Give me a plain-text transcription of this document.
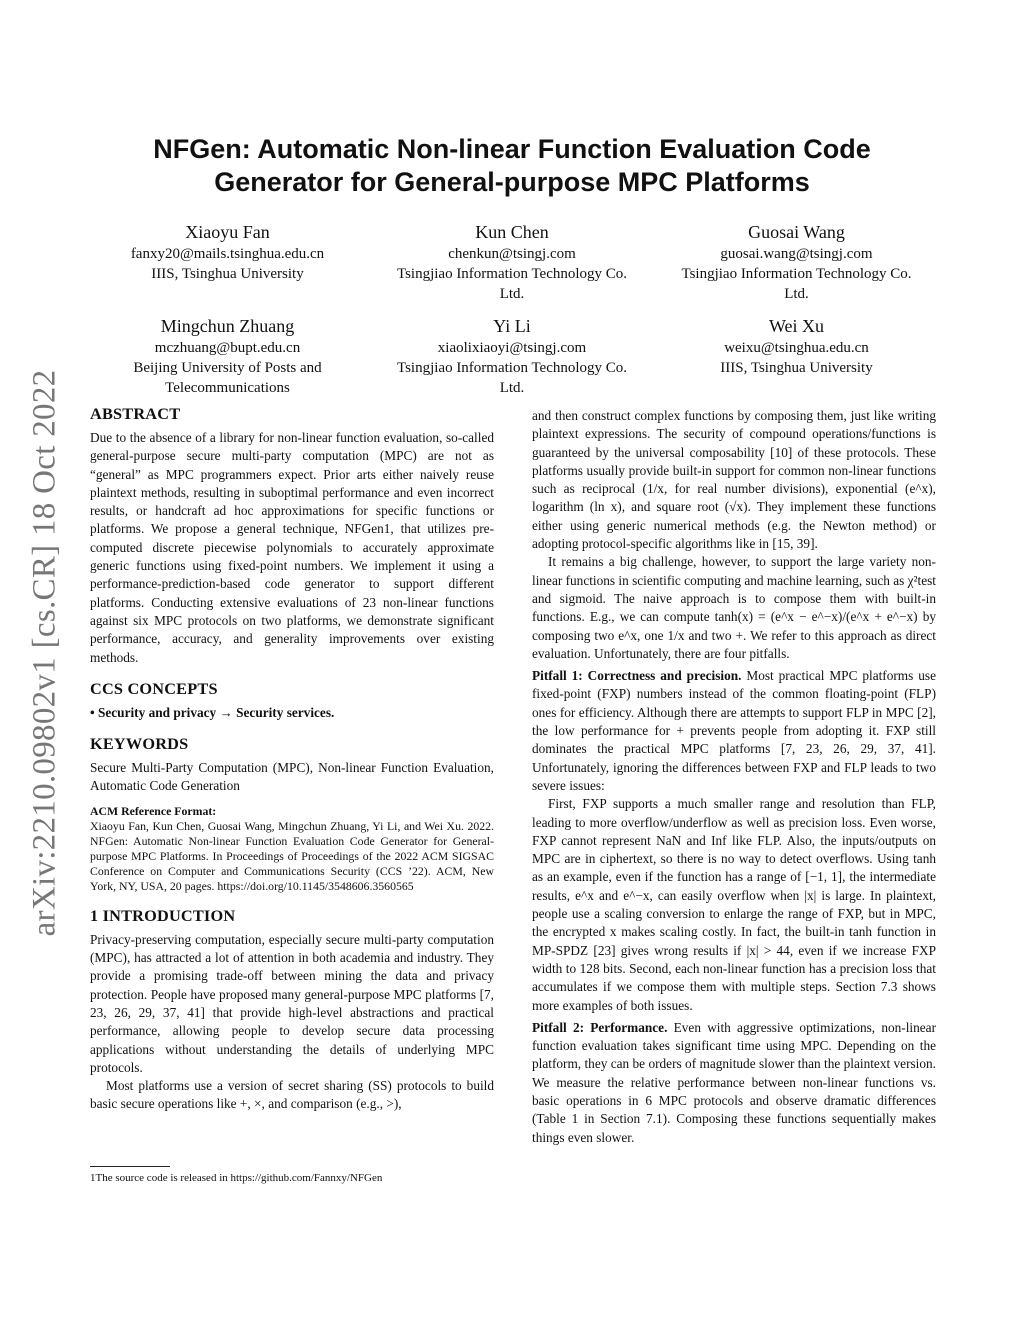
arXiv:2210.09802v1 [cs.CR] 18 Oct 2022
NFGen: Automatic Non-linear Function Evaluation Code
Generator for General-purpose MPC Platforms
Xiaoyu Fan
fanxy20@mails.tsinghua.edu.cn
IIIS, Tsinghua University
Kun Chen
chenkun@tsingj.com
Tsingjiao Information Technology Co.
Ltd.
Guosai Wang
guosai.wang@tsingj.com
Tsingjiao Information Technology Co.
Ltd.
Mingchun Zhuang
mczhuang@bupt.edu.cn
Beijing University of Posts and
Telecommunications
Yi Li
xiaolixiaoyi@tsingj.com
Tsingjiao Information Technology Co.
Ltd.
Wei Xu
weixu@tsinghua.edu.cn
IIIS, Tsinghua University
ABSTRACT

Due to the absence of a library for non-linear function evaluation, so-called general-purpose secure multi-party computation (MPC) are not as “general” as MPC programmers expect. Prior arts either naively reuse plaintext methods, resulting in suboptimal performance and even incorrect results, or handcraft ad hoc approximations for specific functions or platforms. We propose a general technique, NFGen1, that utilizes pre-computed discrete piecewise polynomials to accurately approximate generic functions using fixed-point numbers. We implement it using a performance-prediction-based code generator to support different platforms. Conducting extensive evaluations of 23 non-linear functions against six MPC protocols on two platforms, we demonstrate significant performance, accuracy, and generality improvements over existing methods.

CCS CONCEPTS

• Security and privacy → Security services.

KEYWORDS

Secure Multi-Party Computation (MPC), Non-linear Function Evaluation, Automatic Code Generation

ACM Reference Format:

Xiaoyu Fan, Kun Chen, Guosai Wang, Mingchun Zhuang, Yi Li, and Wei Xu. 2022. NFGen: Automatic Non-linear Function Evaluation Code Generator for General-purpose MPC Platforms. In Proceedings of Proceedings of the 2022 ACM SIGSAC Conference on Computer and Communications Security (CCS ’22). ACM, New York, NY, USA, 20 pages. https://doi.org/10.1145/3548606.3560565

1 INTRODUCTION

Privacy-preserving computation, especially secure multi-party computation (MPC), has attracted a lot of attention in both academia and industry. They provide a promising trade-off between mining the data and privacy protection. People have proposed many general-purpose MPC platforms [7, 23, 26, 29, 37, 41] that provide high-level abstractions and practical performance, allowing people to develop secure data processing applications without understanding the details of underlying MPC protocols.

Most platforms use a version of secret sharing (SS) protocols to build basic secure operations like +, ×, and comparison (e.g., >),

1The source code is released in https://github.com/Fannxy/NFGen

and then construct complex functions by composing them, just like writing plaintext expressions. The security of compound operations/functions is guaranteed by the universal composability [10] of these protocols. These platforms usually provide built-in support for common non-linear functions such as reciprocal (1/x, for real number divisions), exponential (e^x), logarithm (ln x), and square root (√x). They implement these functions either using generic numerical methods (e.g. the Newton method) or adopting protocol-specific algorithms like in [15, 39].

It remains a big challenge, however, to support the large variety non-linear functions in scientific computing and machine learning, such as χ²test and sigmoid. The naive approach is to compose them with built-in functions. E.g., we can compute tanh(x) = (e^x − e^−x)/(e^x + e^−x) by composing two e^x, one 1/x and two +. We refer to this approach as direct evaluation. Unfortunately, there are four pitfalls.

Pitfall 1: Correctness and precision. Most practical MPC platforms use fixed-point (FXP) numbers instead of the common floating-point (FLP) ones for efficiency. Although there are attempts to support FLP in MPC [2], the low performance for + prevents people from adopting it. FXP still dominates the practical MPC platforms [7, 23, 26, 29, 37, 41]. Unfortunately, ignoring the differences between FXP and FLP leads to two severe issues:

First, FXP supports a much smaller range and resolution than FLP, leading to more overflow/underflow as well as precision loss. Even worse, FXP cannot represent NaN and Inf like FLP. Also, the inputs/outputs on MPC are in ciphertext, so there is no way to detect overflows. Using tanh as an example, even if the function has a range of [−1, 1], the intermediate results, e^x and e^−x, can easily overflow when |x| is large. In plaintext, people use a scaling conversion to enlarge the range of FXP, but in MPC, the encrypted x makes scaling costly. In fact, the built-in tanh function in MP-SPDZ [23] gives wrong results if |x| > 44, even if we increase FXP width to 128 bits. Second, each non-linear function has a precision loss that accumulates if we compose them with multiple steps. Section 7.3 shows more examples of both issues.

Pitfall 2: Performance. Even with aggressive optimizations, non-linear function evaluation takes significant time using MPC. Depending on the platform, they can be orders of magnitude slower than the plaintext version. We measure the relative performance between non-linear functions vs. basic operations in 6 MPC protocols and observe dramatic differences (Table 1 in Section 7.1). Composing these functions sequentially makes things even slower.
